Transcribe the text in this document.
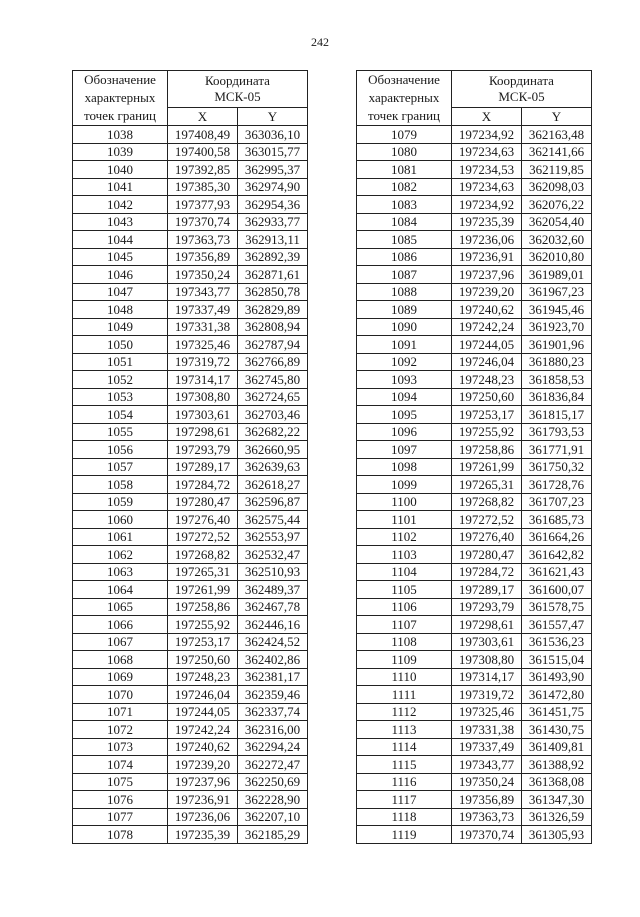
242
Обозначение
характерных
точек границ	Координата
МСК-05	

	X	Y
1038	197408,49	363036,10
1039	197400,58	363015,77
1040	197392,85	362995,37
1041	197385,30	362974,90
1042	197377,93	362954,36
1043	197370,74	362933,77
1044	197363,73	362913,11
1045	197356,89	362892,39
1046	197350,24	362871,61
1047	197343,77	362850,78
1048	197337,49	362829,89
1049	197331,38	362808,94
1050	197325,46	362787,94
1051	197319,72	362766,89
1052	197314,17	362745,80
1053	197308,80	362724,65
1054	197303,61	362703,46
1055	197298,61	362682,22
1056	197293,79	362660,95
1057	197289,17	362639,63
1058	197284,72	362618,27
1059	197280,47	362596,87
1060	197276,40	362575,44
1061	197272,52	362553,97
1062	197268,82	362532,47
1063	197265,31	362510,93
1064	197261,99	362489,37
1065	197258,86	362467,78
1066	197255,92	362446,16
1067	197253,17	362424,52
1068	197250,60	362402,86
1069	197248,23	362381,17
1070	197246,04	362359,46
1071	197244,05	362337,74
1072	197242,24	362316,00
1073	197240,62	362294,24
1074	197239,20	362272,47
1075	197237,96	362250,69
1076	197236,91	362228,90
1077	197236,06	362207,10
1078	197235,39	362185,29
Обозначение
характерных
точек границ	Координата
МСК-05	

	X	Y
1079	197234,92	362163,48
1080	197234,63	362141,66
1081	197234,53	362119,85
1082	197234,63	362098,03
1083	197234,92	362076,22
1084	197235,39	362054,40
1085	197236,06	362032,60
1086	197236,91	362010,80
1087	197237,96	361989,01
1088	197239,20	361967,23
1089	197240,62	361945,46
1090	197242,24	361923,70
1091	197244,05	361901,96
1092	197246,04	361880,23
1093	197248,23	361858,53
1094	197250,60	361836,84
1095	197253,17	361815,17
1096	197255,92	361793,53
1097	197258,86	361771,91
1098	197261,99	361750,32
1099	197265,31	361728,76
1100	197268,82	361707,23
1101	197272,52	361685,73
1102	197276,40	361664,26
1103	197280,47	361642,82
1104	197284,72	361621,43
1105	197289,17	361600,07
1106	197293,79	361578,75
1107	197298,61	361557,47
1108	197303,61	361536,23
1109	197308,80	361515,04
1110	197314,17	361493,90
1111	197319,72	361472,80
1112	197325,46	361451,75
1113	197331,38	361430,75
1114	197337,49	361409,81
1115	197343,77	361388,92
1116	197350,24	361368,08
1117	197356,89	361347,30
1118	197363,73	361326,59
1119	197370,74	361305,93
